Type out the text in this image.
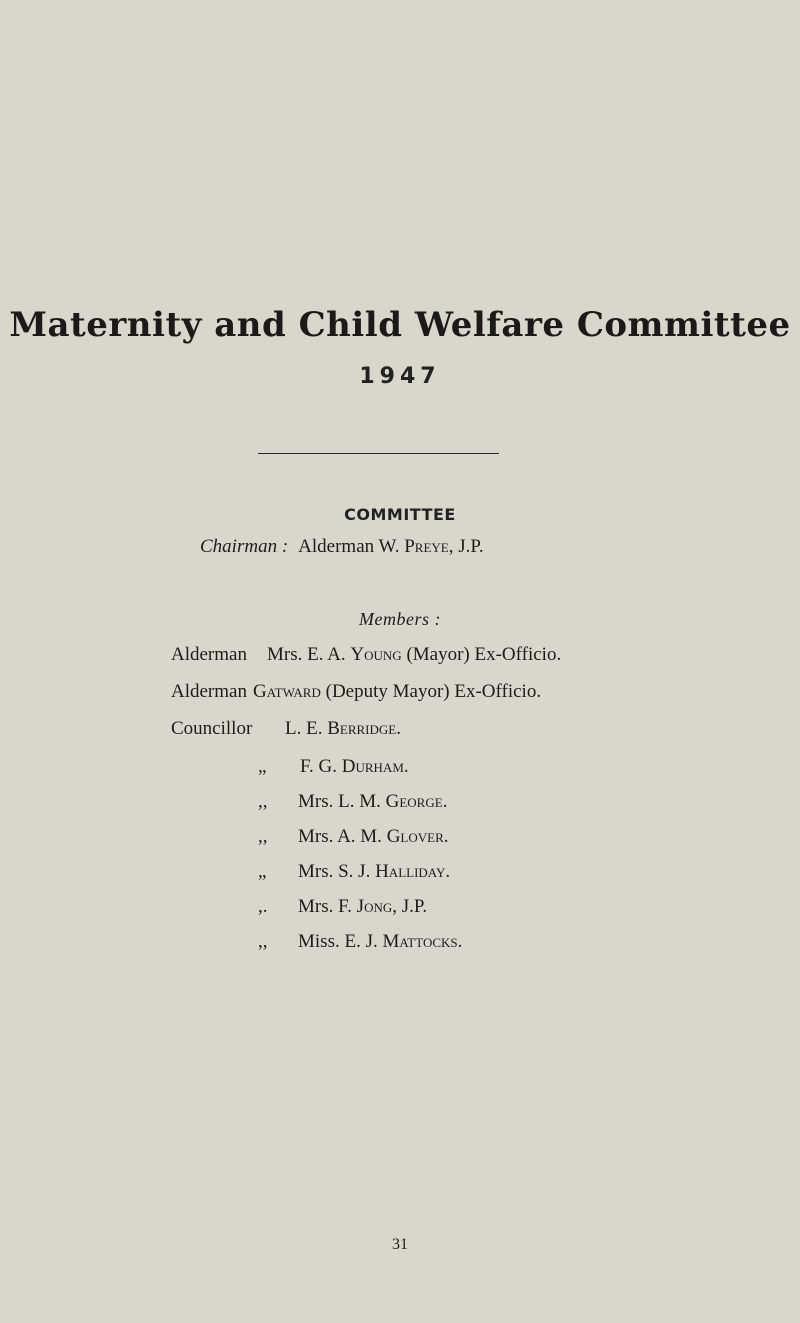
Maternity and Child Welfare Committee
1947
COMMITTEE
Chairman : Alderman W. Preye, J.P.
Members :
Alderman Mrs. E. A. Young (Mayor) Ex-Officio.
Alderman Gatward (Deputy Mayor) Ex-Officio.
Councillor L. E. Berridge.
„ F. G. Durham.
,, Mrs. L. M. George.
,, Mrs. A. M. Glover.
„ Mrs. S. J. Halliday.
,. Mrs. F. Jong, J.P.
,, Miss. E. J. Mattocks.
31
